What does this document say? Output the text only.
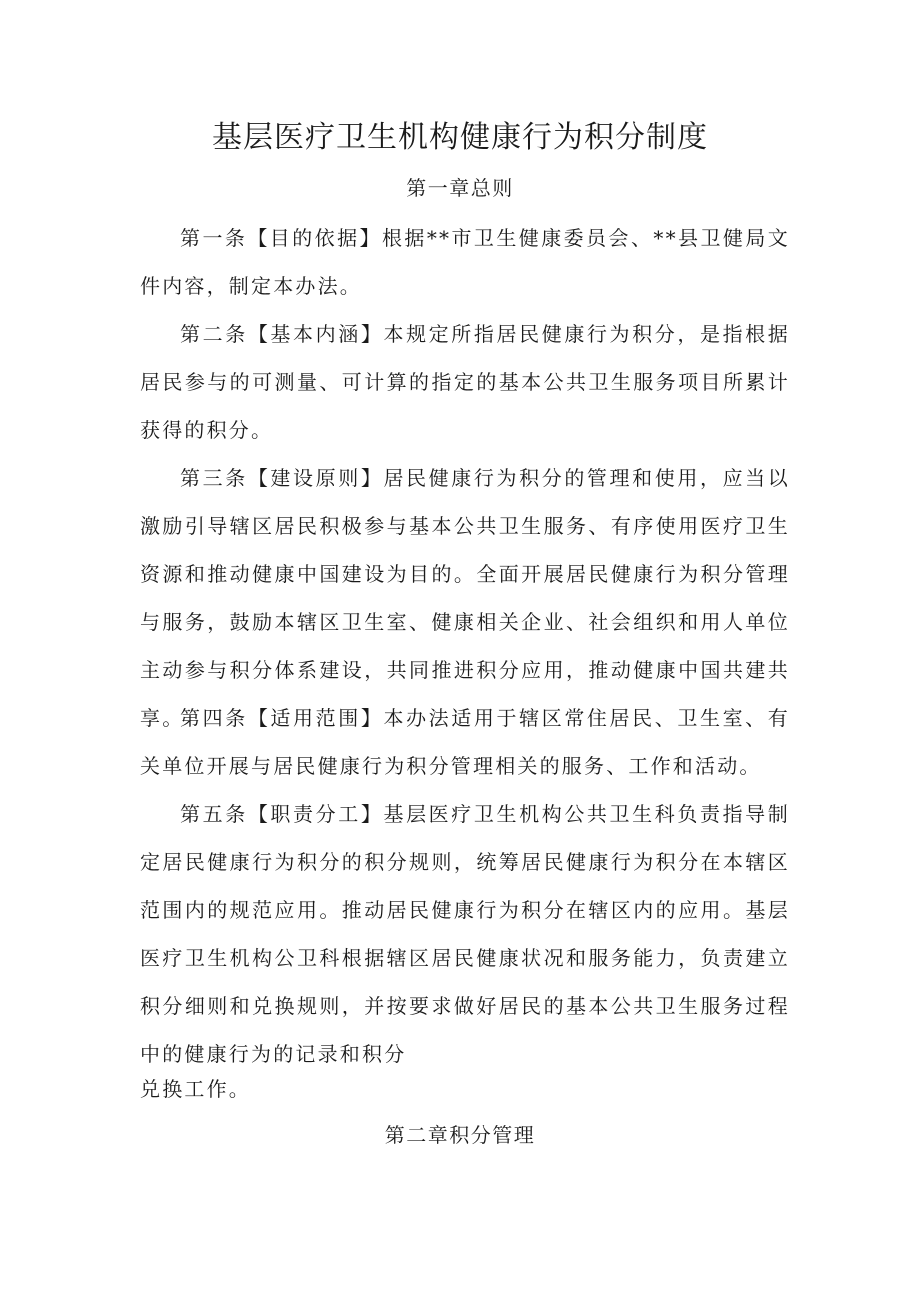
基层医疗卫生机构健康行为积分制度
第一章总则

第一条【目的依据】根据**市卫生健康委员会、**县卫健局文件内容，制定本办法。

第二条【基本内涵】本规定所指居民健康行为积分，是指根据居民参与的可测量、可计算的指定的基本公共卫生服务项目所累计获得的积分。

第三条【建设原则】居民健康行为积分的管理和使用，应当以激励引导辖区居民积极参与基本公共卫生服务、有序使用医疗卫生资源和推动健康中国建设为目的。全面开展居民健康行为积分管理与服务，鼓励本辖区卫生室、健康相关企业、社会组织和用人单位主动参与积分体系建设，共同推进积分应用，推动健康中国共建共享。

第四条【适用范围】本办法适用于辖区常住居民、卫生室、有关单位开展与居民健康行为积分管理相关的服务、工作和活动。

第五条【职责分工】基层医疗卫生机构公共卫生科负责指导制定居民健康行为积分的积分规则，统筹居民健康行为积分在本辖区范围内的规范应用。推动居民健康行为积分在辖区内的应用。基层医疗卫生机构公卫科根据辖区居民健康状况和服务能力，负责建立积分细则和兑换规则，并按要求做好居民的基本公共卫生服务过程中的健康行为的记录和积分

兑换工作。

第二章积分管理
